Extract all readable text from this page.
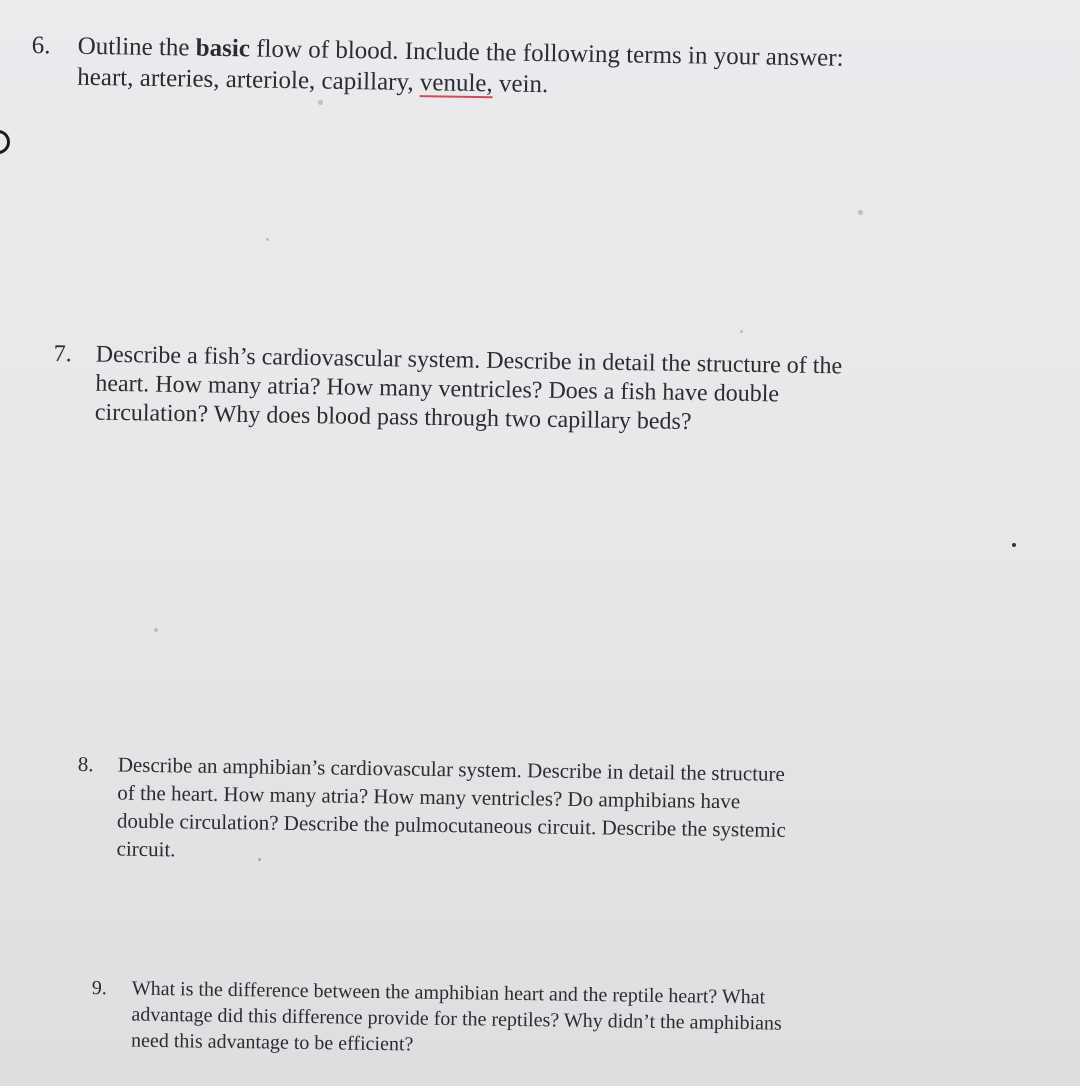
6. Outline the basic flow of blood. Include the following terms in your answer:
heart, arteries, arteriole, capillary, venule, vein.
7. Describe a fish’s cardiovascular system. Describe in detail the structure of the
heart. How many atria? How many ventricles? Does a fish have double
circulation? Why does blood pass through two capillary beds?
8. Describe an amphibian’s cardiovascular system. Describe in detail the structure
of the heart. How many atria? How many ventricles? Do amphibians have
double circulation? Describe the pulmocutaneous circuit. Describe the systemic
circuit.
9. What is the difference between the amphibian heart and the reptile heart? What
advantage did this difference provide for the reptiles? Why didn’t the amphibians
need this advantage to be efficient?
